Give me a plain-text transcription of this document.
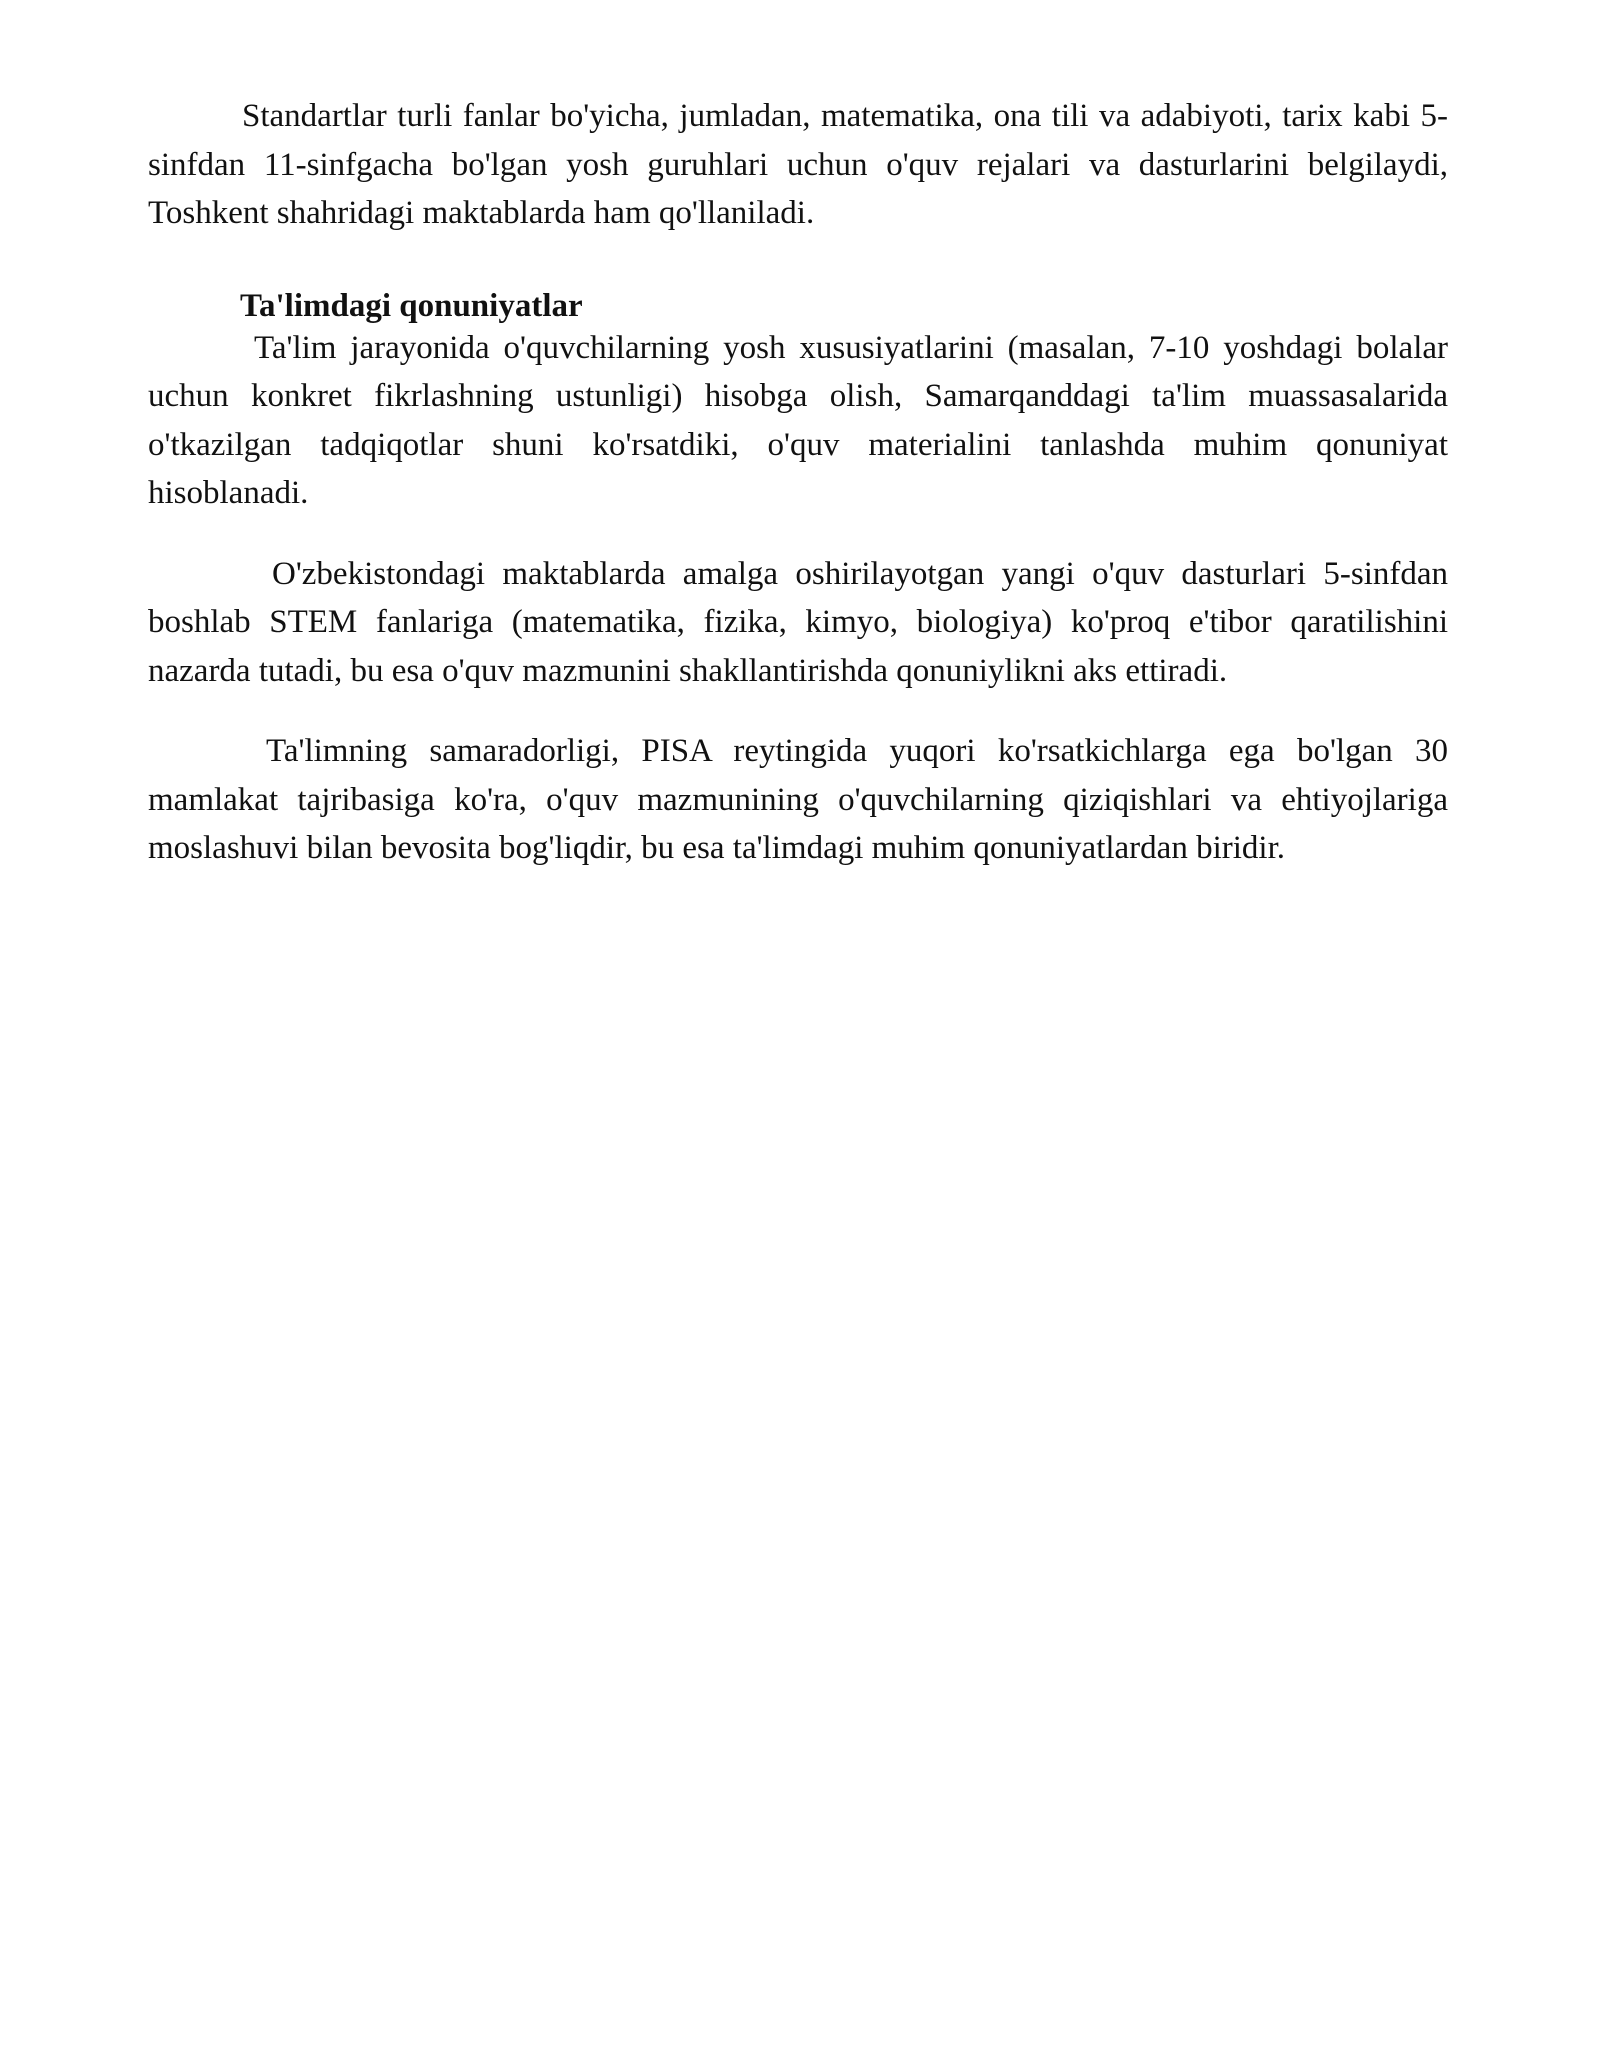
Standartlar turli fanlar bo'yicha, jumladan, matematika, ona tili va adabiyoti, tarix kabi 5-sinfdan 11-sinfgacha bo'lgan yosh guruhlari uchun o'quv rejalari va dasturlarini belgilaydi, Toshkent shahridagi maktablarda ham qo'llaniladi.

Ta'limdagi qonuniyatlar

Ta'lim jarayonida o'quvchilarning yosh xususiyatlarini (masalan, 7-10 yoshdagi bolalar uchun konkret fikrlashning ustunligi) hisobga olish, Samarqanddagi ta'lim muassasalarida o'tkazilgan tadqiqotlar shuni ko'rsatdiki, o'quv materialini tanlashda muhim qonuniyat hisoblanadi.

O'zbekistondagi maktablarda amalga oshirilayotgan yangi o'quv dasturlari 5-sinfdan boshlab STEM fanlariga (matematika, fizika, kimyo, biologiya) ko'proq e'tibor qaratilishini nazarda tutadi, bu esa o'quv mazmunini shakllantirishda qonuniylikni aks ettiradi.

Ta'limning samaradorligi, PISA reytingida yuqori ko'rsatkichlarga ega bo'lgan 30 mamlakat tajribasiga ko'ra, o'quv mazmunining o'quvchilarning qiziqishlari va ehtiyojlariga moslashuvi bilan bevosita bog'liqdir, bu esa ta'limdagi muhim qonuniyatlardan biridir.
